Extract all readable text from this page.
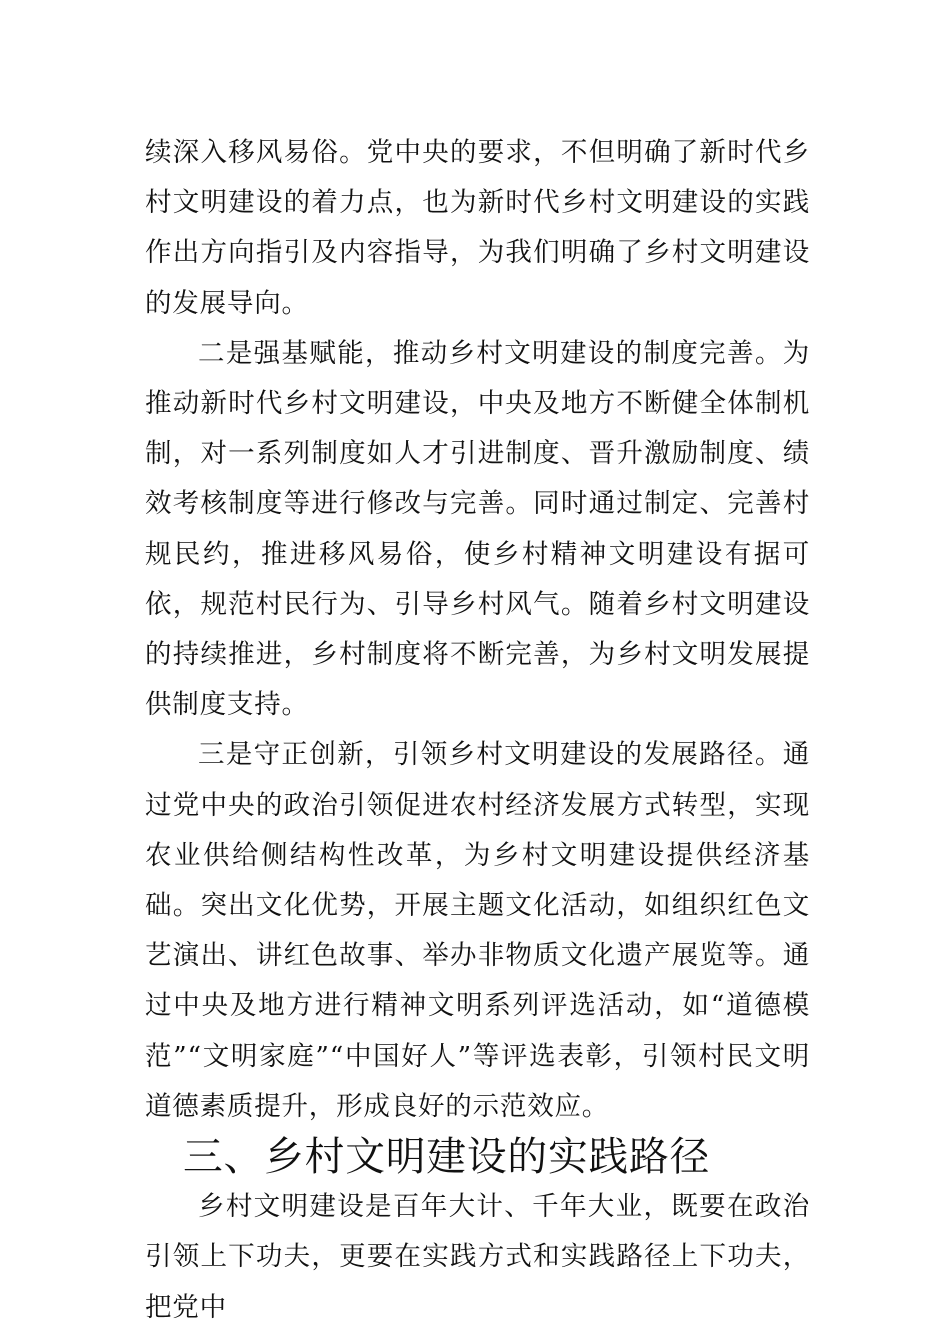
续深入移风易俗。党中央的要求，不但明确了新时代乡村文明建设的着力点，也为新时代乡村文明建设的实践作出方向指引及内容指导，为我们明确了乡村文明建设的发展导向。

二是强基赋能，推动乡村文明建设的制度完善。为推动新时代乡村文明建设，中央及地方不断健全体制机制，对一系列制度如人才引进制度、晋升激励制度、绩效考核制度等进行修改与完善。同时通过制定、完善村规民约，推进移风易俗，使乡村精神文明建设有据可依，规范村民行为、引导乡村风气。随着乡村文明建设的持续推进，乡村制度将不断完善，为乡村文明发展提供制度支持。

三是守正创新，引领乡村文明建设的发展路径。通过党中央的政治引领促进农村经济发展方式转型，实现农业供给侧结构性改革，为乡村文明建设提供经济基础。突出文化优势，开展主题文化活动，如组织红色文艺演出、讲红色故事、举办非物质文化遗产展览等。通过中央及地方进行精神文明系列评选活动，如“道德模范”“文明家庭”“中国好人”等评选表彰，引领村民文明道德素质提升，形成良好的示范效应。

三、乡村文明建设的实践路径

乡村文明建设是百年大计、千年大业，既要在政治引领上下功夫，更要在实践方式和实践路径上下功夫，把党中
